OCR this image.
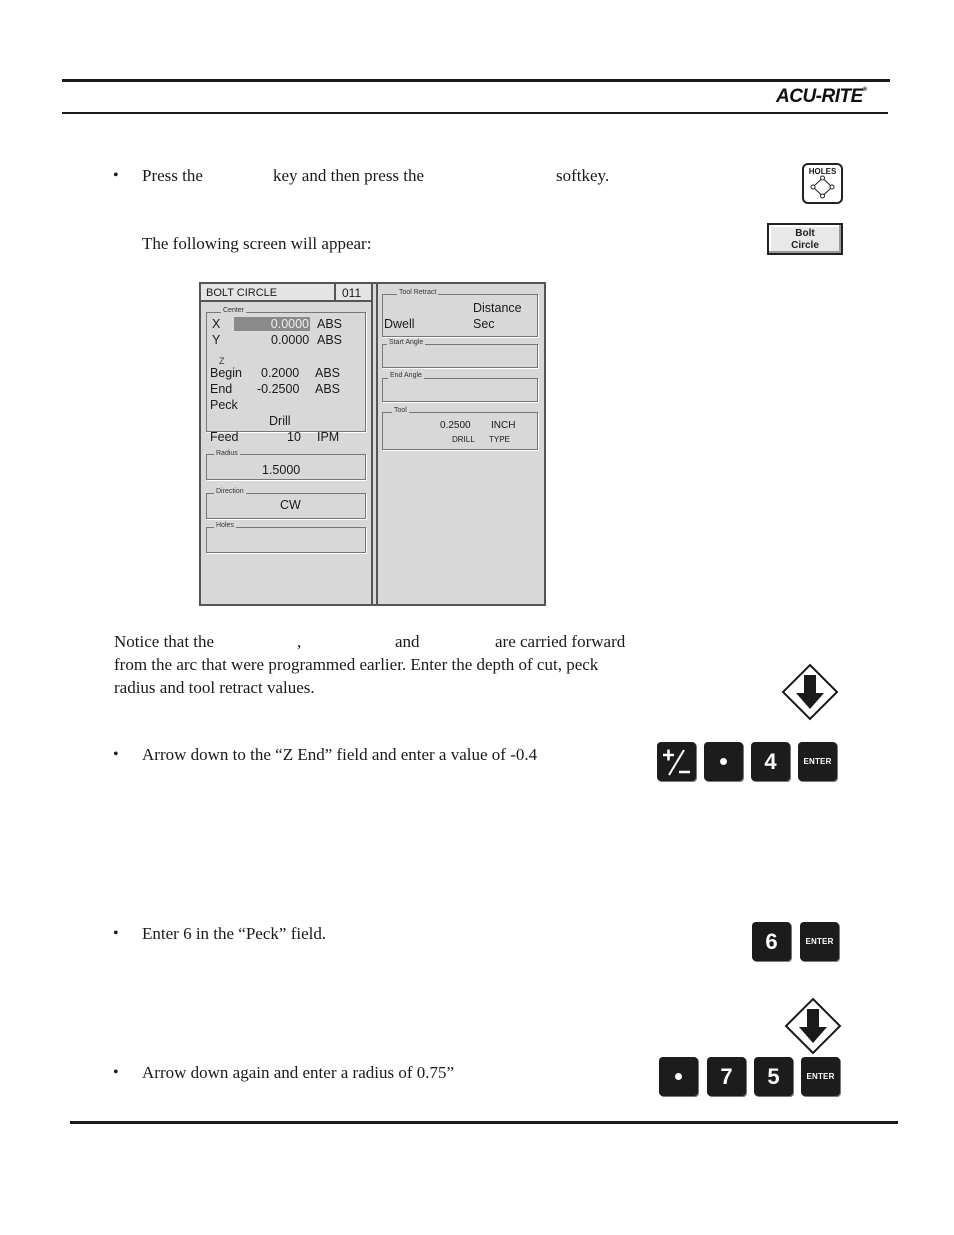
ACU-RITE®
• Press the	key and then press the	softkey.
The following screen will appear:
HOLES
Bolt
Circle
BOLT CIRCLE	011
Center
X	0.0000 ABS
Y	0.0000 ABS
Z
Begin 0.2000 ABS
End -0.2500 ABS
Peck
Drill
Feed	10 IPM
Radius
1.5000
Direction
CW
Holes
Tool Retract
Distance
Dwell	Sec
Start Angle
End Angle
Tool
0.2500 INCH
DRILL TYPE
Notice that the	,	and	are carried forward
from the arc that were programmed earlier. Enter the depth of cut, peck
radius and tool retract values.
• Arrow down to the “Z End” field and enter a value of -0.4	4	ENTER
• Enter 6 in the “Peck” field.	6	ENTER
• Arrow down again and enter a radius of 0.75”	7	5	ENTER
